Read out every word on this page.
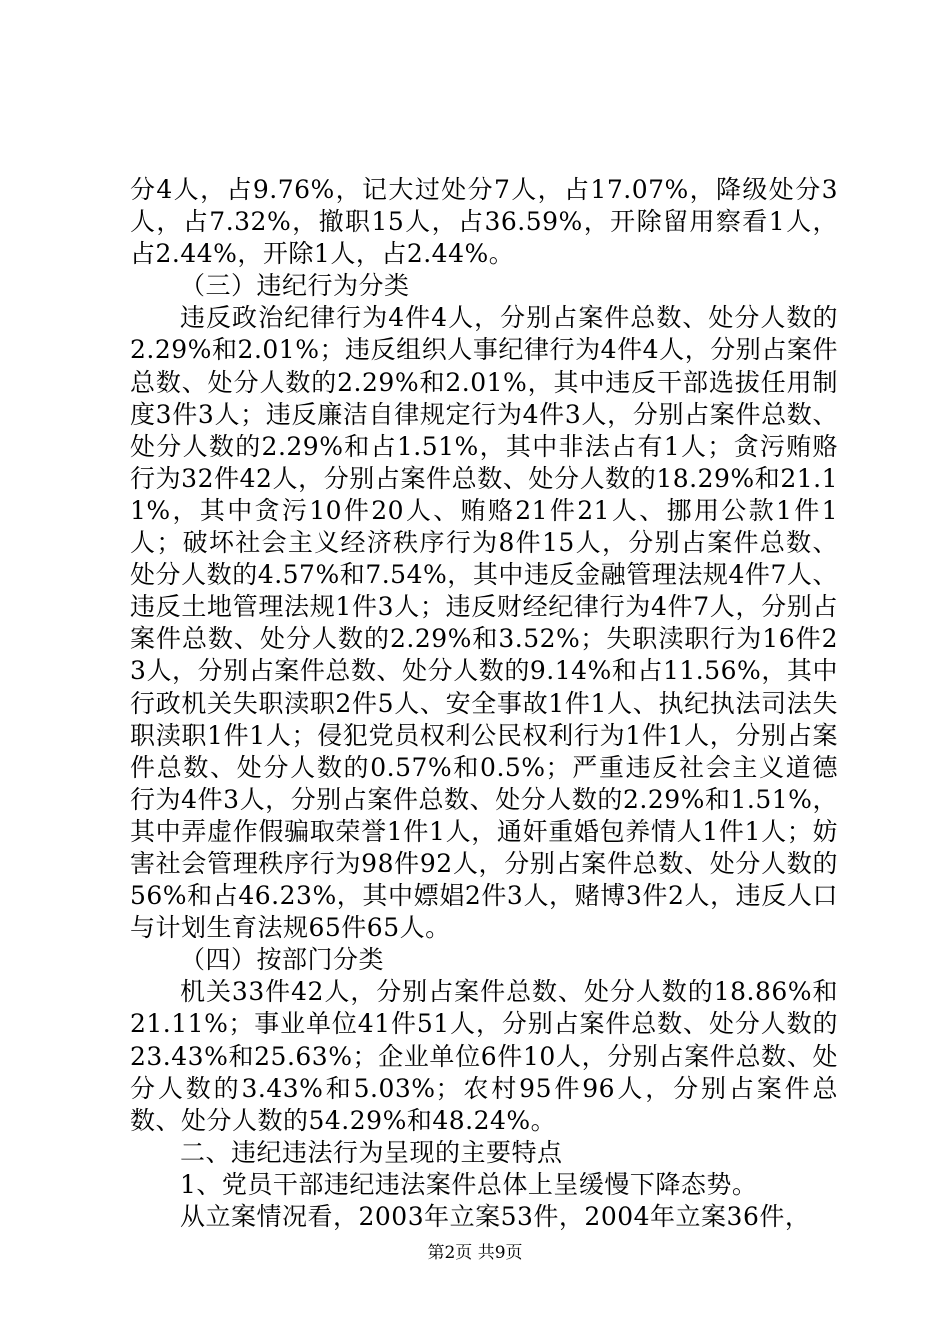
分4人，占9.76%，记大过处分7人，占17.07%，降级处分3人，占7.32%，撤职15人，占36.59%，开除留用察看1人，占2.44%，开除1人，占2.44%。

（三）违纪行为分类

违反政治纪律行为4件4人，分别占案件总数、处分人数的2.29%和2.01%；违反组织人事纪律行为4件4人，分别占案件总数、处分人数的2.29%和2.01%，其中违反干部选拔任用制度3件3人；违反廉洁自律规定行为4件3人，分别占案件总数、处分人数的2.29%和占1.51%，其中非法占有1人；贪污贿赂行为32件42人，分别占案件总数、处分人数的18.29%和21.11%，其中贪污10件20人、贿赂21件21人、挪用公款1件1人；破坏社会主义经济秩序行为8件15人，分别占案件总数、处分人数的4.57%和7.54%，其中违反金融管理法规4件7人、违反土地管理法规1件3人；违反财经纪律行为4件7人，分别占案件总数、处分人数的2.29%和3.52%；失职渎职行为16件23人，分别占案件总数、处分人数的9.14%和占11.56%，其中行政机关失职渎职2件5人、安全事故1件1人、执纪执法司法失职渎职1件1人；侵犯党员权利公民权利行为1件1人，分别占案件总数、处分人数的0.57%和0.5%；严重违反社会主义道德行为4件3人，分别占案件总数、处分人数的2.29%和1.51%，其中弄虚作假骗取荣誉1件1人，通奸重婚包养情人1件1人；妨害社会管理秩序行为98件92人，分别占案件总数、处分人数的56%和占46.23%，其中嫖娼2件3人，赌博3件2人，违反人口与计划生育法规65件65人。

（四）按部门分类

机关33件42人，分别占案件总数、处分人数的18.86%和21.11%；事业单位41件51人，分别占案件总数、处分人数的23.43%和25.63%；企业单位6件10人，分别占案件总数、处分人数的3.43%和5.03%；农村95件96人，分别占案件总数、处分人数的54.29%和48.24%。

二、违纪违法行为呈现的主要特点

1、党员干部违纪违法案件总体上呈缓慢下降态势。

从立案情况看，2003年立案53件，2004年立案36件，

第2页 共9页
